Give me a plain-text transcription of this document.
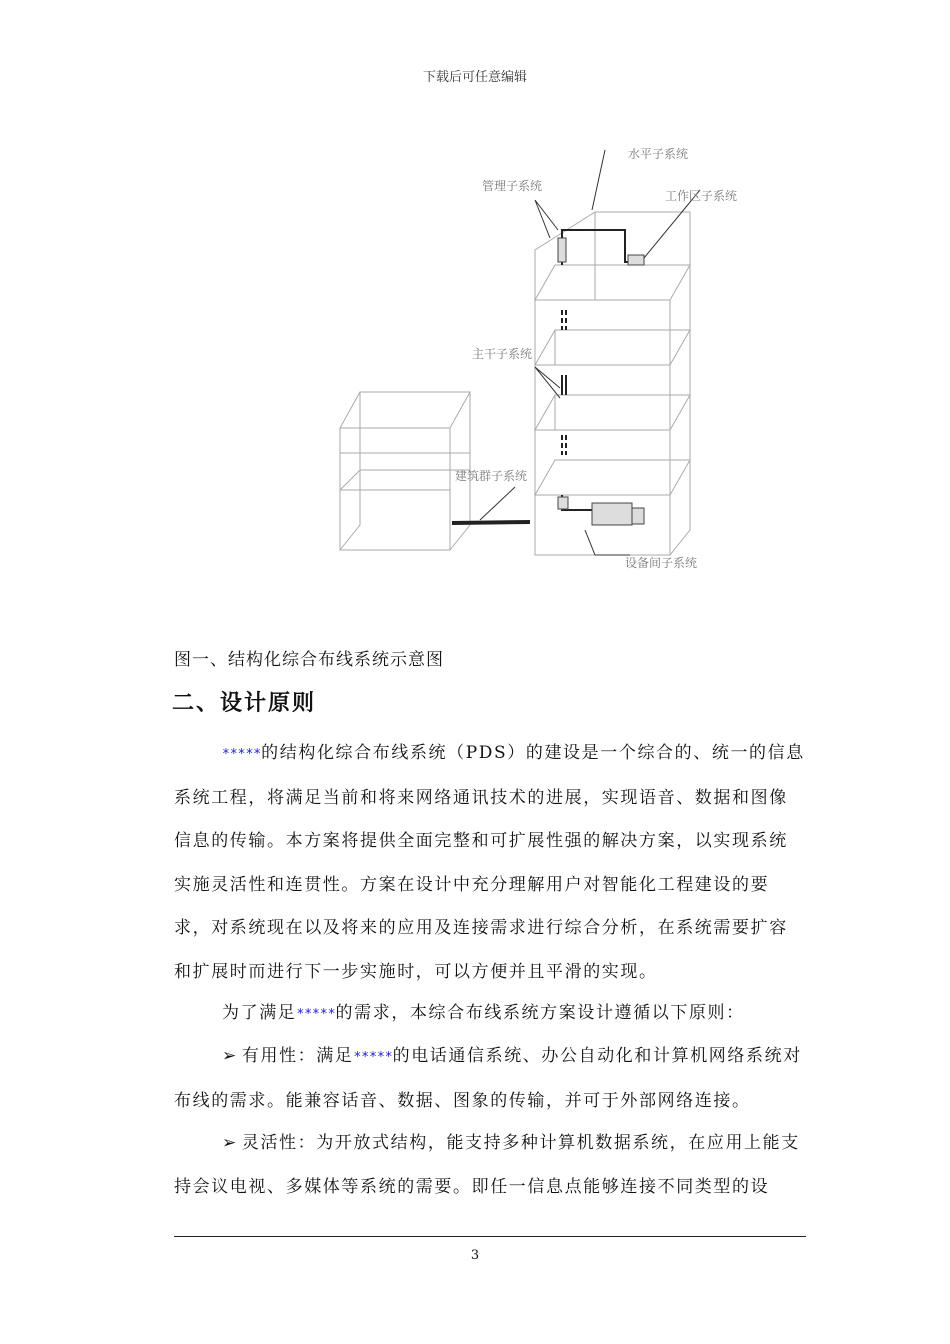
下载后可任意编辑
水平子系统
管理子系统
工作区子系统
主干子系统
建筑群子系统
设备间子系统
图一、结构化综合布线系统示意图
二、设计原则
*****的结构化综合布线系统（PDS）的建设是一个综合的、统一的信息系统工程，将满足当前和将来网络通讯技术的进展，实现语音、数据和图像信息的传输。本方案将提供全面完整和可扩展性强的解决方案，以实现系统实施灵活性和连贯性。方案在设计中充分理解用户对智能化工程建设的要求，对系统现在以及将来的应用及连接需求进行综合分析，在系统需要扩容和扩展时而进行下一步实施时，可以方便并且平滑的实现。
为了满足*****的需求，本综合布线系统方案设计遵循以下原则：
➢ 有用性：满足*****的电话通信系统、办公自动化和计算机网络系统对布线的需求。能兼容话音、数据、图象的传输，并可于外部网络连接。
➢ 灵活性：为开放式结构，能支持多种计算机数据系统，在应用上能支持会议电视、多媒体等系统的需要。即任一信息点能够连接不同类型的设
3
